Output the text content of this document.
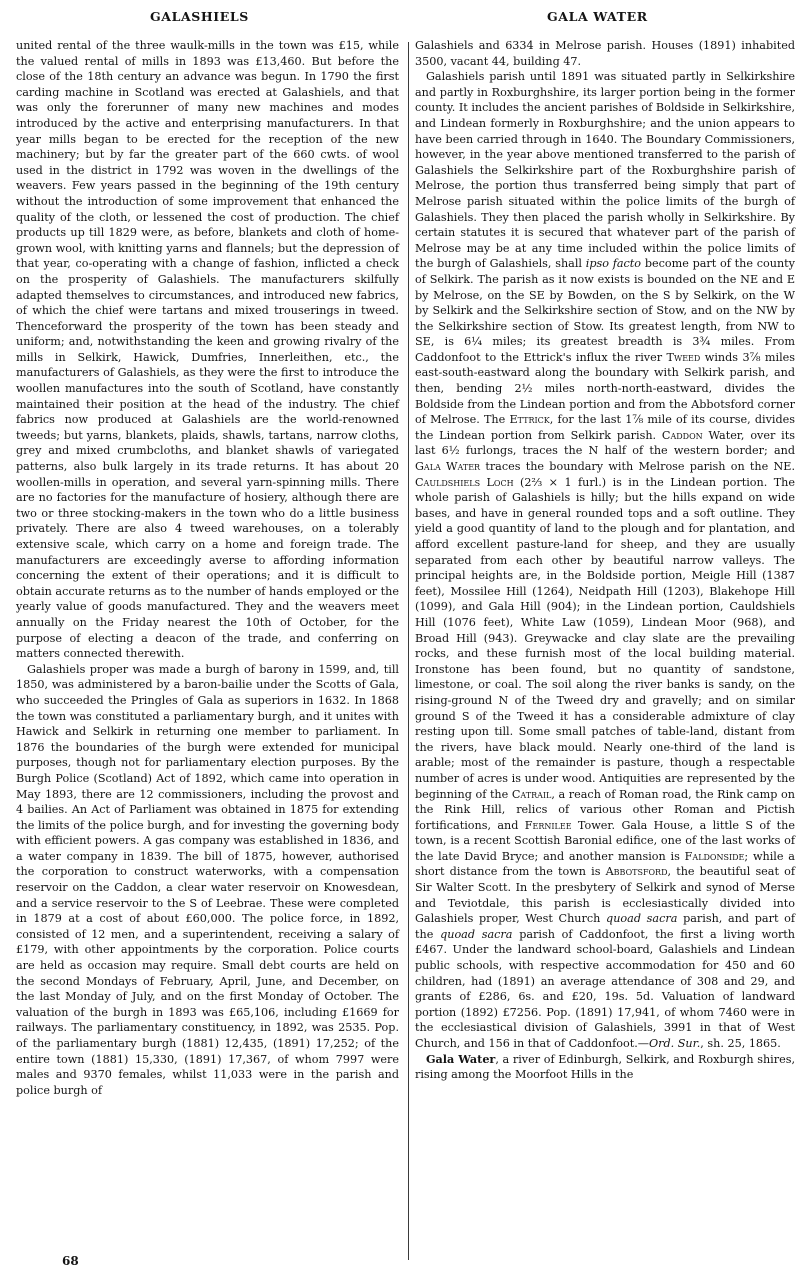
GALASHIELS	GALA WATER

united rental of the three waulk-mills in the town was £15, while the valued rental of mills in 1893 was £13,460. But before the close of the 18th century an advance was begun. In 1790 the first carding machine in Scotland was erected at Galashiels, and that was only the forerunner of many new machines and modes introduced by the active and enterprising manufacturers. In that year mills began to be erected for the reception of the new machinery; but by far the greater part of the 660 cwts. of wool used in the district in 1792 was woven in the dwellings of the weavers. Few years passed in the beginning of the 19th century without the introduction of some improvement that enhanced the quality of the cloth, or lessened the cost of production. The chief products up till 1829 were, as before, blankets and cloth of home-grown wool, with knitting yarns and flannels; but the depression of that year, co-operating with a change of fashion, inflicted a check on the prosperity of Galashiels. The manufacturers skilfully adapted themselves to circumstances, and introduced new fabrics, of which the chief were tartans and mixed trouserings in tweed. Thenceforward the prosperity of the town has been steady and uniform; and, notwithstanding the keen and growing rivalry of the mills in Selkirk, Hawick, Dumfries, Innerleithen, etc., the manufacturers of Galashiels, as they were the first to introduce the woollen manufactures into the south of Scotland, have constantly maintained their position at the head of the industry. The chief fabrics now produced at Galashiels are the world-renowned tweeds; but yarns, blankets, plaids, shawls, tartans, narrow cloths, grey and mixed crumbcloths, and blanket shawls of variegated patterns, also bulk largely in its trade returns. It has about 20 woollen-mills in operation, and several yarn-spinning mills. There are no factories for the manufacture of hosiery, although there are two or three stocking-makers in the town who do a little business privately. There are also 4 tweed warehouses, on a tolerably extensive scale, which carry on a home and foreign trade. The manufacturers are exceedingly averse to affording information concerning the extent of their operations; and it is difficult to obtain accurate returns as to the number of hands employed or the yearly value of goods manufactured. They and the weavers meet annually on the Friday nearest the 10th of October, for the purpose of electing a deacon of the trade, and conferring on matters connected therewith.

Galashiels proper was made a burgh of barony in 1599, and, till 1850, was administered by a baron-bailie under the Scotts of Gala, who succeeded the Pringles of Gala as superiors in 1632. In 1868 the town was constituted a parliamentary burgh, and it unites with Hawick and Selkirk in returning one member to parliament. In 1876 the boundaries of the burgh were extended for municipal purposes, though not for parliamentary election purposes. By the Burgh Police (Scotland) Act of 1892, which came into operation in May 1893, there are 12 commissioners, including the provost and 4 bailies. An Act of Parliament was obtained in 1875 for extending the limits of the police burgh, and for investing the governing body with efficient powers. A gas company was established in 1836, and a water company in 1839. The bill of 1875, however, authorised the corporation to construct waterworks, with a compensation reservoir on the Caddon, a clear water reservoir on Knowesdean, and a service reservoir to the S of Leebrae. These were completed in 1879 at a cost of about £60,000. The police force, in 1892, consisted of 12 men, and a superintendent, receiving a salary of £179, with other appointments by the corporation. Police courts are held as occasion may require. Small debt courts are held on the second Mondays of February, April, June, and December, on the last Monday of July, and on the first Monday of October. The valuation of the burgh in 1893 was £65,106, including £1669 for railways. The parliamentary constituency, in 1892, was 2535. Pop. of the parliamentary burgh (1881) 12,435, (1891) 17,252; of the entire town (1881) 15,330, (1891) 17,367, of whom 7997 were males and 9370 females, whilst 11,033 were in the parish and police burgh of

Galashiels and 6334 in Melrose parish. Houses (1891) inhabited 3500, vacant 44, building 47.

Galashiels parish until 1891 was situated partly in Selkirkshire and partly in Roxburghshire, its larger portion being in the former county. It includes the ancient parishes of Boldside in Selkirkshire, and Lindean formerly in Roxburghshire; and the union appears to have been carried through in 1640. The Boundary Commissioners, however, in the year above mentioned transferred to the parish of Galashiels the Selkirkshire part of the Roxburghshire parish of Melrose, the portion thus transferred being simply that part of Melrose parish situated within the police limits of the burgh of Galashiels. They then placed the parish wholly in Selkirkshire. By certain statutes it is secured that whatever part of the parish of Melrose may be at any time included within the police limits of the burgh of Galashiels, shall ipso facto become part of the county of Selkirk. The parish as it now exists is bounded on the NE and E by Melrose, on the SE by Bowden, on the S by Selkirk, on the W by Selkirk and the Selkirkshire section of Stow, and on the NW by the Selkirkshire section of Stow. Its greatest length, from NW to SE, is 6¼ miles; its greatest breadth is 3¾ miles. From Caddonfoot to the Ettrick's influx the river Tweed winds 3⅞ miles east-south-eastward along the boundary with Selkirk parish, and then, bending 2½ miles north-north-eastward, divides the Boldside from the Lindean portion and from the Abbotsford corner of Melrose. The Ettrick, for the last 1⅞ mile of its course, divides the Lindean portion from Selkirk parish. Caddon Water, over its last 6½ furlongs, traces the N half of the western border; and Gala Water traces the boundary with Melrose parish on the NE. Cauldshiels Loch (2⅔ × 1 furl.) is in the Lindean portion. The whole parish of Galashiels is hilly; but the hills expand on wide bases, and have in general rounded tops and a soft outline. They yield a good quantity of land to the plough and for plantation, and afford excellent pasture-land for sheep, and they are usually separated from each other by beautiful narrow valleys. The principal heights are, in the Boldside portion, Meigle Hill (1387 feet), Mossilee Hill (1264), Neidpath Hill (1203), Blakehope Hill (1099), and Gala Hill (904); in the Lindean portion, Cauldshiels Hill (1076 feet), White Law (1059), Lindean Moor (968), and Broad Hill (943). Greywacke and clay slate are the prevailing rocks, and these furnish most of the local building material. Ironstone has been found, but no quantity of sandstone, limestone, or coal. The soil along the river banks is sandy, on the rising-ground N of the Tweed dry and gravelly; and on similar ground S of the Tweed it has a considerable admixture of clay resting upon till. Some small patches of table-land, distant from the rivers, have black mould. Nearly one-third of the land is arable; most of the remainder is pasture, though a respectable number of acres is under wood. Antiquities are represented by the beginning of the Catrail, a reach of Roman road, the Rink camp on the Rink Hill, relics of various other Roman and Pictish fortifications, and Fernilee Tower. Gala House, a little S of the town, is a recent Scottish Baronial edifice, one of the last works of the late David Bryce; and another mansion is Faldonside; while a short distance from the town is Abbotsford, the beautiful seat of Sir Walter Scott. In the presbytery of Selkirk and synod of Merse and Teviotdale, this parish is ecclesiastically divided into Galashiels proper, West Church quoad sacra parish, and part of the quoad sacra parish of Caddonfoot, the first a living worth £467. Under the landward school-board, Galashiels and Lindean public schools, with respective accommodation for 450 and 60 children, had (1891) an average attendance of 308 and 29, and grants of £286, 6s. and £20, 19s. 5d. Valuation of landward portion (1892) £7256. Pop. (1891) 17,941, of whom 7460 were in the ecclesiastical division of Galashiels, 3991 in that of West Church, and 156 in that of Caddonfoot.—Ord. Sur., sh. 25, 1865.

Gala Water, a river of Edinburgh, Selkirk, and Roxburgh shires, rising among the Moorfoot Hills in the

68
